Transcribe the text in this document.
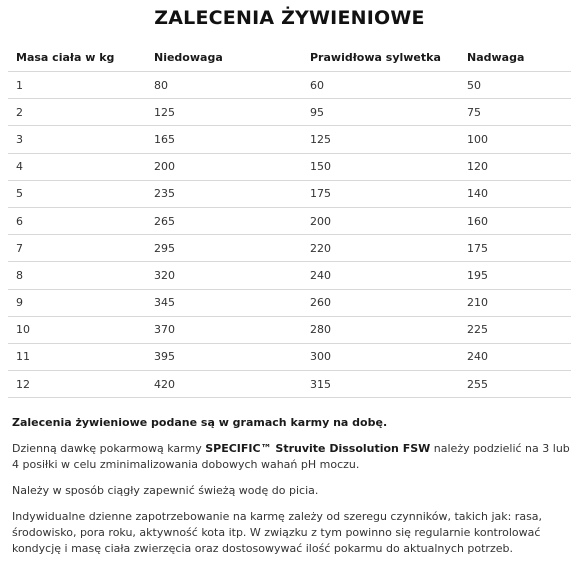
ZALECENIA ŻYWIENIOWE
Masa ciała w kg	Niedowaga	Prawidłowa sylwetka	Nadwaga
1	80	60	50
2	125	95	75
3	165	125	100
4	200	150	120
5	235	175	140
6	265	200	160
7	295	220	175
8	320	240	195
9	345	260	210
10	370	280	225
11	395	300	240
12	420	315	255

Zalecenia żywieniowe podane są w gramach karmy na dobę.

Dzienną dawkę pokarmową karmy SPECIFIC™ Struvite Dissolution FSW należy podzielić na 3 lub 4 posiłki w celu zminimalizowania dobowych wahań pH moczu.

Należy w sposób ciągły zapewnić świeżą wodę do picia.

Indywidualne dzienne zapotrzebowanie na karmę zależy od szeregu czynników, takich jak: rasa, środowisko, pora roku, aktywność kota itp. W związku z tym powinno się regularnie kontrolować kondycję i masę ciała zwierzęcia oraz dostosowywać ilość pokarmu do aktualnych potrzeb.
